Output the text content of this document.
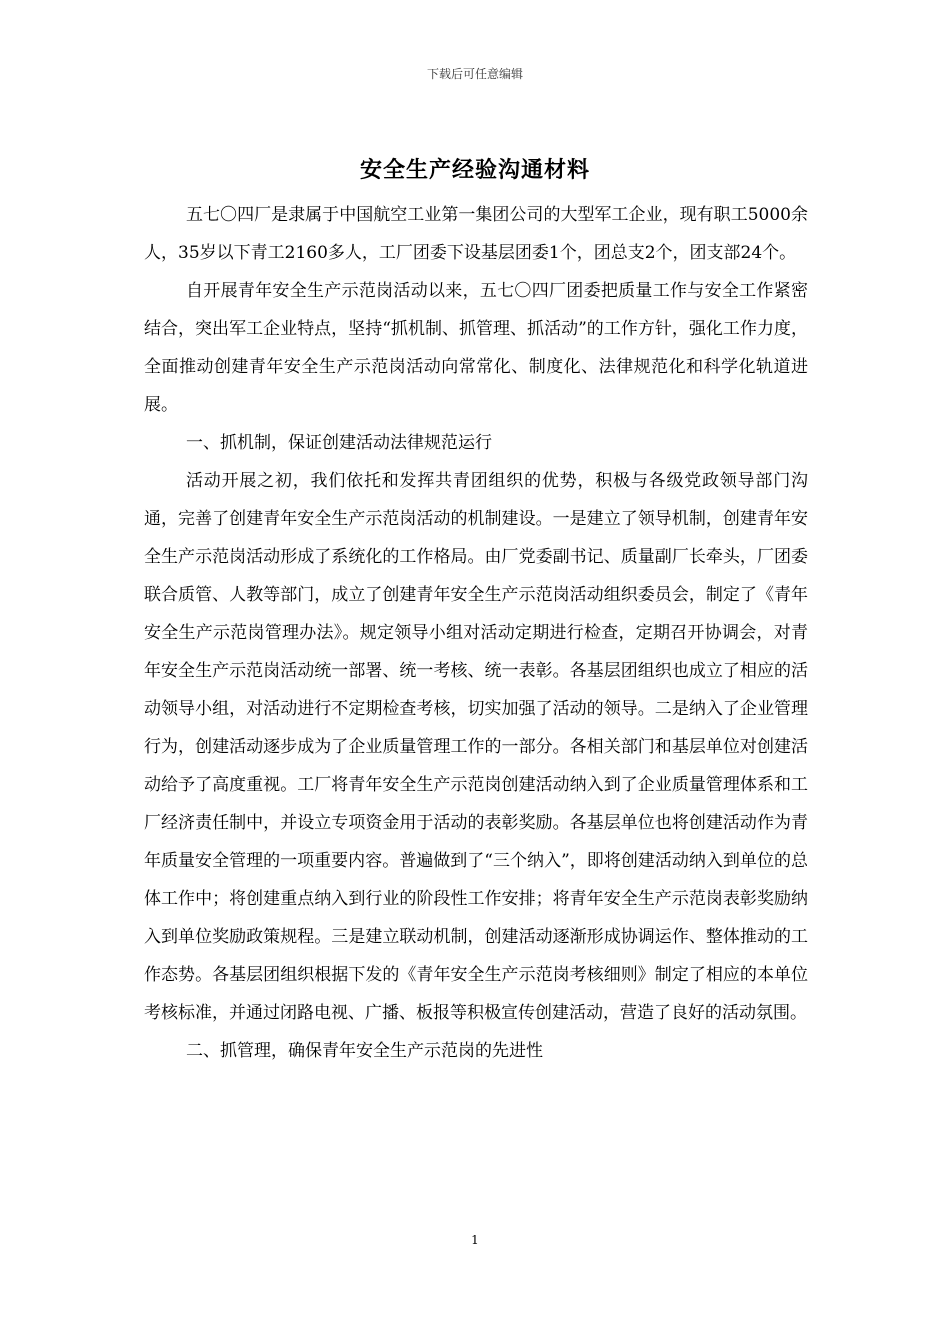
下载后可任意编辑
安全生产经验沟通材料

五七〇四厂是隶属于中国航空工业第一集团公司的大型军工企业，现有职工5000余人，35岁以下青工2160多人，工厂团委下设基层团委1个，团总支2个，团支部24个。

自开展青年安全生产示范岗活动以来，五七〇四厂团委把质量工作与安全工作紧密结合，突出军工企业特点，坚持“抓机制、抓管理、抓活动”的工作方针，强化工作力度，全面推动创建青年安全生产示范岗活动向常常化、制度化、法律规范化和科学化轨道进展。

一、抓机制，保证创建活动法律规范运行

活动开展之初，我们依托和发挥共青团组织的优势，积极与各级党政领导部门沟通，完善了创建青年安全生产示范岗活动的机制建设。一是建立了领导机制，创建青年安全生产示范岗活动形成了系统化的工作格局。由厂党委副书记、质量副厂长牵头，厂团委联合质管、人教等部门，成立了创建青年安全生产示范岗活动组织委员会，制定了《青年安全生产示范岗管理办法》。规定领导小组对活动定期进行检查，定期召开协调会，对青年安全生产示范岗活动统一部署、统一考核、统一表彰。各基层团组织也成立了相应的活动领导小组，对活动进行不定期检查考核，切实加强了活动的领导。二是纳入了企业管理行为，创建活动逐步成为了企业质量管理工作的一部分。各相关部门和基层单位对创建活动给予了高度重视。工厂将青年安全生产示范岗创建活动纳入到了企业质量管理体系和工厂经济责任制中，并设立专项资金用于活动的表彰奖励。各基层单位也将创建活动作为青年质量安全管理的一项重要内容。普遍做到了“三个纳入”，即将创建活动纳入到单位的总体工作中；将创建重点纳入到行业的阶段性工作安排；将青年安全生产示范岗表彰奖励纳入到单位奖励政策规程。三是建立联动机制，创建活动逐渐形成协调运作、整体推动的工作态势。各基层团组织根据下发的《青年安全生产示范岗考核细则》制定了相应的本单位考核标准，并通过闭路电视、广播、板报等积极宣传创建活动，营造了良好的活动氛围。

二、抓管理，确保青年安全生产示范岗的先进性

1
